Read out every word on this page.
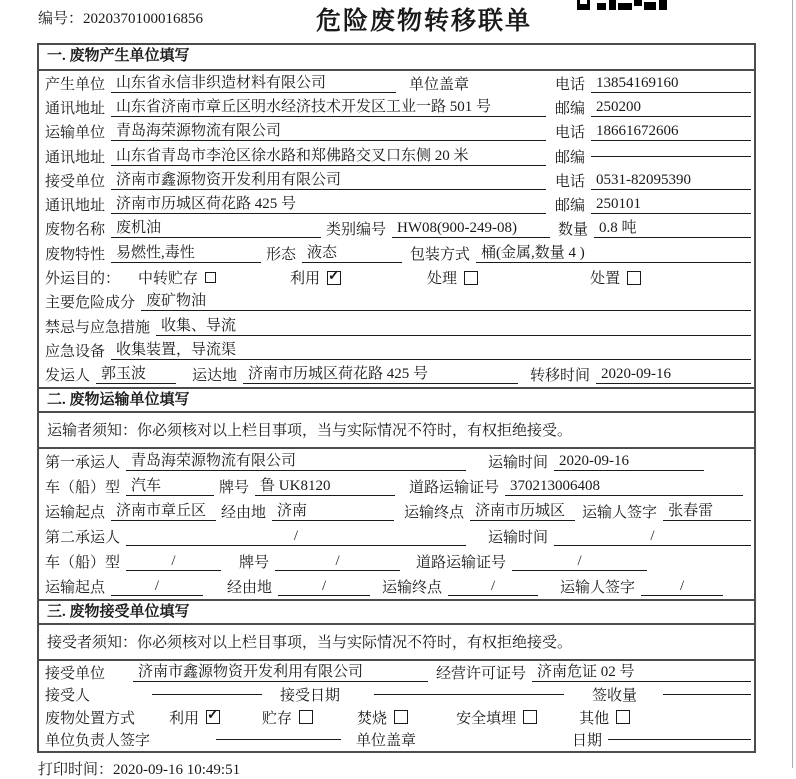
编号：2020370100016856	危险废物转移联单
一. 废物产生单位填写
产生单位 山东省永信非织造材料有限公司	单位盖章	电话 13854169160
通讯地址 山东省济南市章丘区明水经济技术开发区工业一路 501 号	邮编 250200
运输单位 青岛海荣源物流有限公司	电话 18661672606
通讯地址 山东省青岛市李沧区徐水路和郑佛路交叉口东侧 20 米	邮编
接受单位 济南市鑫源物资开发利用有限公司	电话 0531-82095390
通讯地址 济南市历城区荷花路 425 号	邮编 250101
废物名称 废机油	类别编号 HW08(900-249-08)	数量 0.8 吨
废物特性 易燃性,毒性	形态 液态	包装方式 桶(金属,数量 4 )
外运目的： 中转贮存	利用 ✓	处理	处置
主要危险成分 废矿物油
禁忌与应急措施 收集、导流
应急设备 收集装置，导流渠
发运人 郭玉波	运达地 济南市历城区荷花路 425 号	转移时间 2020-09-16
二. 废物运输单位填写
运输者须知：你必须核对以上栏目事项，当与实际情况不符时，有权拒绝接受。
第一承运人 青岛海荣源物流有限公司	运输时间 2020-09-16
车（船）型 汽车	牌号 鲁 UK8120	道路运输证号 370213006408
运输起点 济南市章丘区 经由地 济南	运输终点 济南市历城区	运输人签字 张春雷
第二承运人	/	运输时间	/
车（船）型	/	牌号	/	道路运输证号	/
运输起点	/	经由地	/	运输终点	/	运输人签字	/
三. 废物接受单位填写
接受者须知：你必须核对以上栏目事项，当与实际情况不符时，有权拒绝接受。
接受单位	济南市鑫源物资开发利用有限公司	经营许可证号 济南危证 02 号
接受人	接受日期	签收量
废物处置方式 利用 ✓	贮存	焚烧	安全填埋	其他
单位负责人签字	单位盖章	日期
打印时间：2020-09-16 10:49:51
